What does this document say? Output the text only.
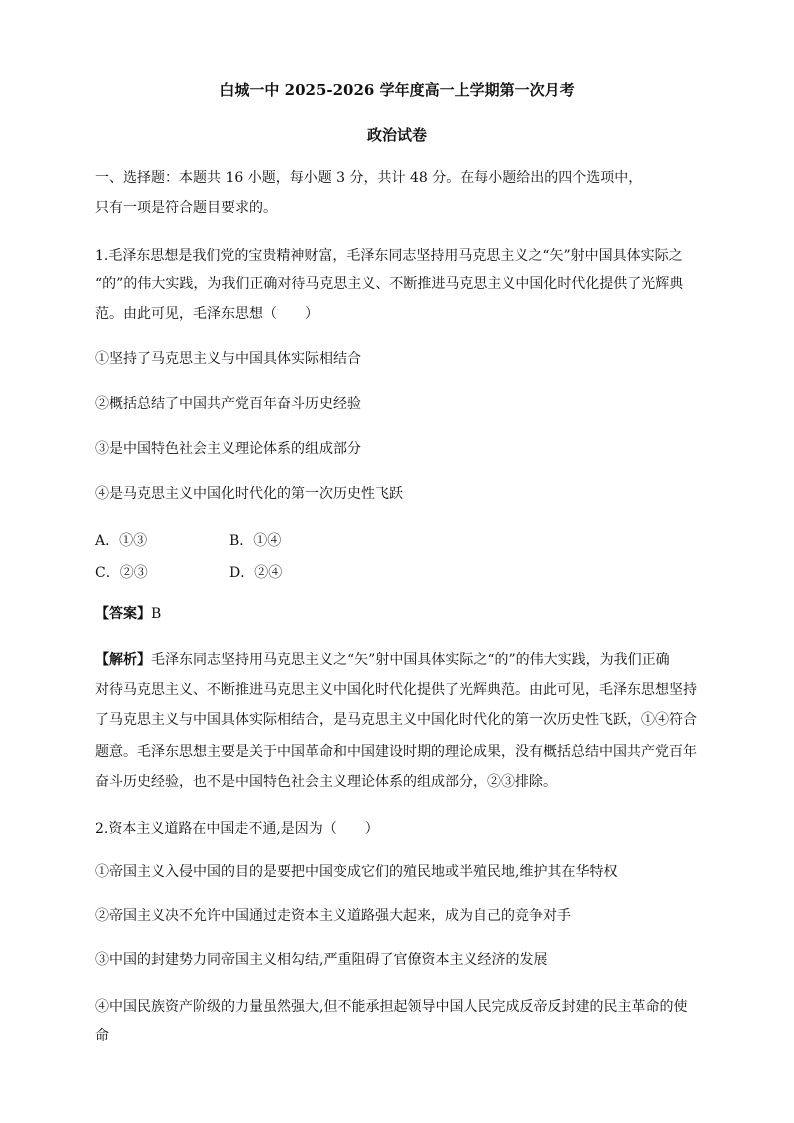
白城一中 2025-2026 学年度高一上学期第一次月考
政治试卷
一、选择题：本题共 16 小题，每小题 3 分，共计 48 分。在每小题给出的四个选项中，
只有一项是符合题目要求的。
1.毛泽东思想是我们党的宝贵精神财富，毛泽东同志坚持用马克思主义之“矢”射中国具体实际之
“的”的伟大实践，为我们正确对待马克思主义、不断推进马克思主义中国化时代化提供了光辉典
范。由此可见，毛泽东思想（　　）
①坚持了马克思主义与中国具体实际相结合
②概括总结了中国共产党百年奋斗历史经验
③是中国特色社会主义理论体系的组成部分
④是马克思主义中国化时代化的第一次历史性飞跃
A．①③	B．①④
C．②③	D．②④
【答案】B
【解析】毛泽东同志坚持用马克思主义之“矢”射中国具体实际之“的”的伟大实践，为我们正确
对待马克思主义、不断推进马克思主义中国化时代化提供了光辉典范。由此可见，毛泽东思想坚持
了马克思主义与中国具体实际相结合，是马克思主义中国化时代化的第一次历史性飞跃，①④符合
题意。毛泽东思想主要是关于中国革命和中国建设时期的理论成果，没有概括总结中国共产党百年
奋斗历史经验，也不是中国特色社会主义理论体系的组成部分，②③排除。
2.资本主义道路在中国走不通,是因为（　　）
①帝国主义入侵中国的目的是要把中国变成它们的殖民地或半殖民地,维护其在华特权
②帝国主义决不允许中国通过走资本主义道路强大起来，成为自己的竞争对手
③中国的封建势力同帝国主义相勾结,严重阻碍了官僚资本主义经济的发展
④中国民族资产阶级的力量虽然强大,但不能承担起领导中国人民完成反帝反封建的民主革命的使
命
